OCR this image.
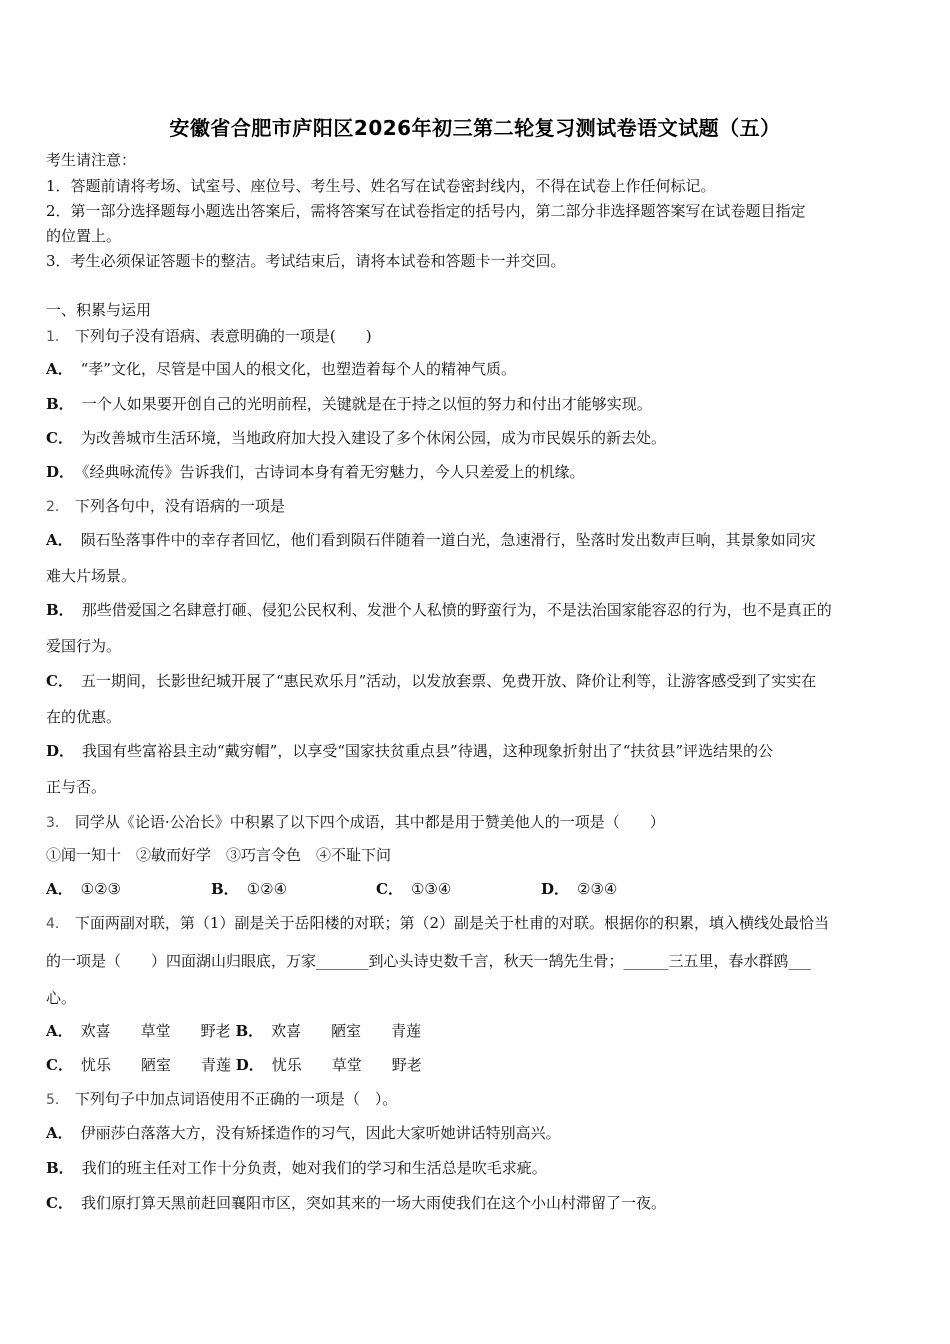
安徽省合肥市庐阳区2026年初三第二轮复习测试卷语文试题（五）
考生请注意：
1．答题前请将考场、试室号、座位号、考生号、姓名写在试卷密封线内，不得在试卷上作任何标记。
2．第一部分选择题每小题选出答案后，需将答案写在试卷指定的括号内，第二部分非选择题答案写在试卷题目指定
的位置上。
3．考生必须保证答题卡的整洁。考试结束后，请将本试卷和答题卡一并交回。
一、积累与运用
1． 下列句子没有语病、表意明确的一项是(　　)
A． “孝”文化，尽管是中国人的根文化，也塑造着每个人的精神气质。
B． 一个人如果要开创自己的光明前程，关键就是在于持之以恒的努力和付出才能够实现。
C． 为改善城市生活环境，当地政府加大投入建设了多个休闲公园，成为市民娱乐的新去处。
D． 《经典咏流传》告诉我们，古诗词本身有着无穷魅力，今人只差爱上的机缘。
2． 下列各句中，没有语病的一项是
A． 陨石坠落事件中的幸存者回忆，他们看到陨石伴随着一道白光，急速滑行，坠落时发出数声巨响，其景象如同灾
难大片场景。
B． 那些借爱国之名肆意打砸、侵犯公民权利、发泄个人私愤的野蛮行为，不是法治国家能容忍的行为，也不是真正的
爱国行为。
C． 五一期间，长影世纪城开展了“惠民欢乐月”活动，以发放套票、免费开放、降价让利等，让游客感受到了实实在
在的优惠。
D． 我国有些富裕县主动“戴穷帽”，以享受“国家扶贫重点县”待遇，这种现象折射出了“扶贫县”评选结果的公
正与否。
3． 同学从《论语·公冶长》中积累了以下四个成语，其中都是用于赞美他人的一项是（　　）
①闻一知十　②敏而好学　③巧言令色　④不耻下问
A． ①②③	B． ①②④	C． ①③④	D． ②③④
4． 下面两副对联，第（1）副是关于岳阳楼的对联；第（2）副是关于杜甫的对联。根据你的积累，填入横线处最恰当
的一项是（　　）四面湖山归眼底，万家_______到心头诗史数千言，秋天一鹄先生骨；______三五里，春水群鸥___
心。
A． 欢喜　　草堂　　野老 B． 欢喜　　陋室　　青莲
C． 忧乐　　陋室　　青莲 D． 忧乐　　草堂　　野老
5． 下列句子中加点词语使用不正确的一项是（　）。
A． 伊丽莎白落落大方，没有矫揉造作的习气，因此大家听她讲话特别高兴。
B． 我们的班主任对工作十分负责，她对我们的学习和生活总是吹毛求疵。
C． 我们原打算天黑前赶回襄阳市区，突如其来的一场大雨使我们在这个小山村滞留了一夜。
